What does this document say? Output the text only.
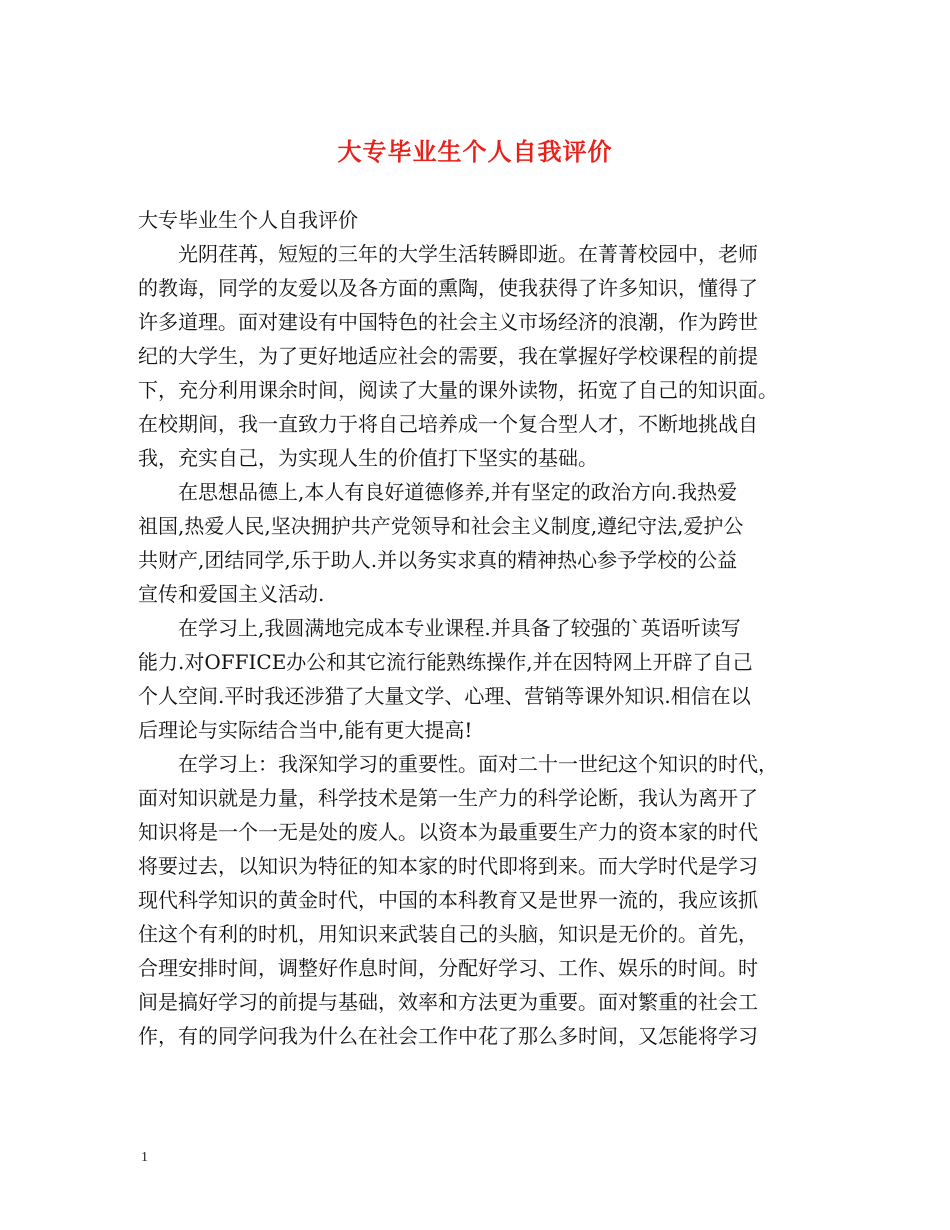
大专毕业生个人自我评价
大专毕业生个人自我评价
　　光阴荏苒，短短的三年的大学生活转瞬即逝。在菁菁校园中，老师
的教诲，同学的友爱以及各方面的熏陶，使我获得了许多知识，懂得了
许多道理。面对建设有中国特色的社会主义市场经济的浪潮，作为跨世
纪的大学生，为了更好地适应社会的需要，我在掌握好学校课程的前提
下，充分利用课余时间，阅读了大量的课外读物，拓宽了自己的知识面。
在校期间，我一直致力于将自己培养成一个复合型人才，不断地挑战自
我，充实自己，为实现人生的价值打下坚实的基础。
　　在思想品德上,本人有良好道德修养,并有坚定的政治方向.我热爱
祖国,热爱人民,坚决拥护共产党领导和社会主义制度,遵纪守法,爱护公
共财产,团结同学,乐于助人.并以务实求真的精神热心参予学校的公益
宣传和爱国主义活动.
　　在学习上,我圆满地完成本专业课程.并具备了较强的`英语听读写
能力.对OFFICE办公和其它流行能熟练操作,并在因特网上开辟了自己
个人空间.平时我还涉猎了大量文学、心理、营销等课外知识.相信在以
后理论与实际结合当中,能有更大提高!
　　在学习上：我深知学习的重要性。面对二十一世纪这个知识的时代，
面对知识就是力量，科学技术是第一生产力的科学论断，我认为离开了
知识将是一个一无是处的废人。以资本为最重要生产力的资本家的时代
将要过去，以知识为特征的知本家的时代即将到来。而大学时代是学习
现代科学知识的黄金时代，中国的本科教育又是世界一流的，我应该抓
住这个有利的时机，用知识来武装自己的头脑，知识是无价的。首先，
合理安排时间，调整好作息时间，分配好学习、工作、娱乐的时间。时
间是搞好学习的前提与基础，效率和方法更为重要。面对繁重的社会工
作，有的同学问我为什么在社会工作中花了那么多时间，又怎能将学习
1
